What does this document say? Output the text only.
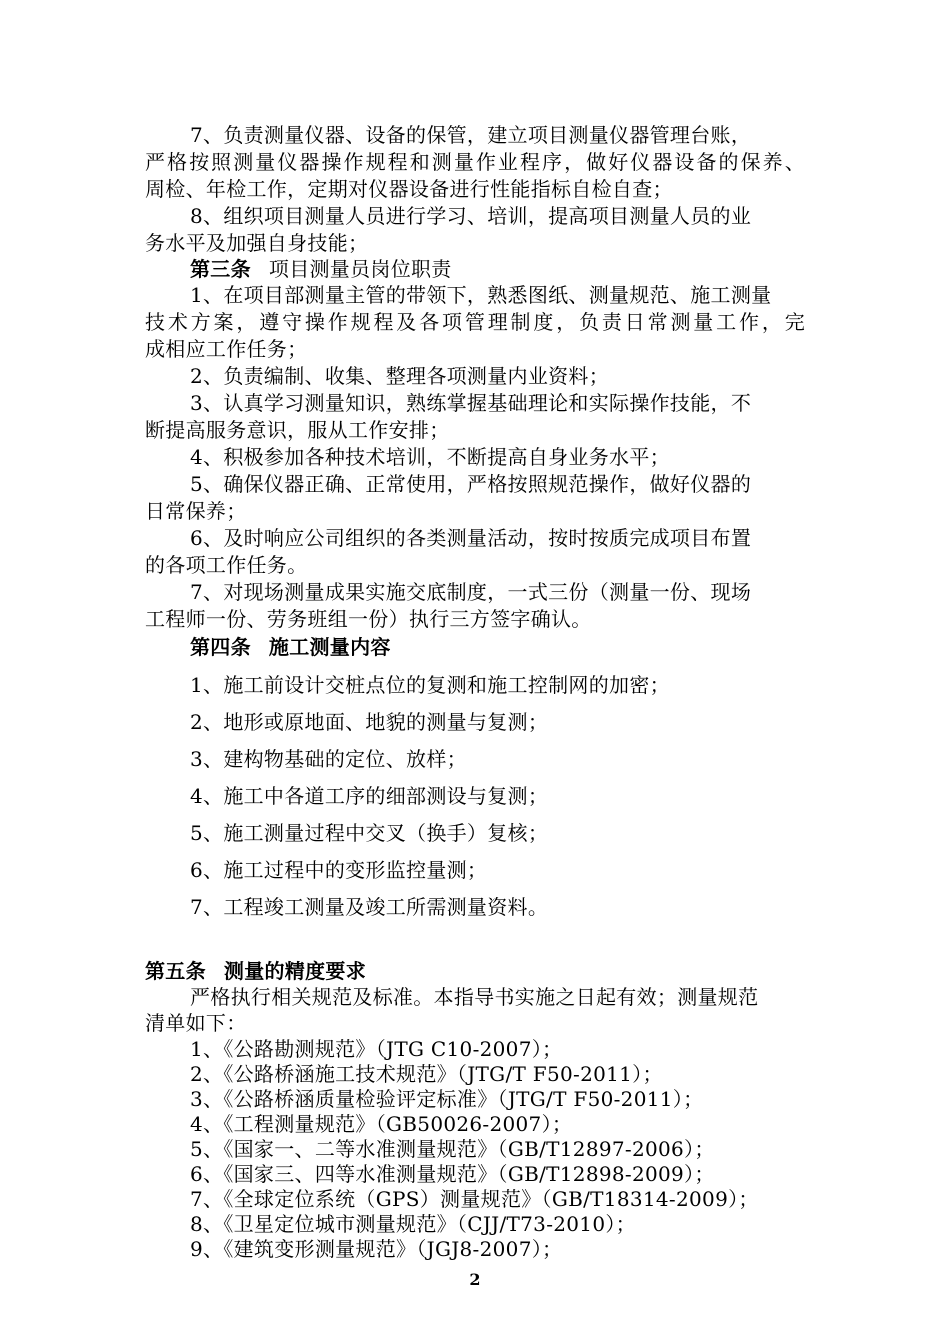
7、负责测量仪器、设备的保管，建立项目测量仪器管理台账，
严格按照测量仪器操作规程和测量作业程序，做好仪器设备的保养、
周检、年检工作，定期对仪器设备进行性能指标自检自查；
8、组织项目测量人员进行学习、培训，提高项目测量人员的业
务水平及加强自身技能；
第三条 项目测量员岗位职责
1、在项目部测量主管的带领下，熟悉图纸、测量规范、施工测量
技术方案，遵守操作规程及各项管理制度，负责日常测量工作，完
成相应工作任务；
2、负责编制、收集、整理各项测量内业资料；
3、认真学习测量知识，熟练掌握基础理论和实际操作技能，不
断提高服务意识，服从工作安排；
4、积极参加各种技术培训，不断提高自身业务水平；
5、确保仪器正确、正常使用，严格按照规范操作，做好仪器的
日常保养；
6、及时响应公司组织的各类测量活动，按时按质完成项目布置
的各项工作任务。
7、对现场测量成果实施交底制度，一式三份（测量一份、现场
工程师一份、劳务班组一份）执行三方签字确认。
第四条 施工测量内容
1、施工前设计交桩点位的复测和施工控制网的加密；
2、地形或原地面、地貌的测量与复测；
3、建构物基础的定位、放样；
4、施工中各道工序的细部测设与复测；
5、施工测量过程中交叉（换手）复核；
6、施工过程中的变形监控量测；
7、工程竣工测量及竣工所需测量资料。
第五条 测量的精度要求
严格执行相关规范及标准。本指导书实施之日起有效；测量规范
清单如下：
1、《公路勘测规范》（JTG C10-2007）；
2、《公路桥涵施工技术规范》（JTG/T F50-2011）；
3、《公路桥涵质量检验评定标准》（JTG/T F50-2011）；
4、《工程测量规范》（GB50026-2007）；
5、《国家一、二等水准测量规范》（GB/T12897-2006）；
6、《国家三、四等水准测量规范》（GB/T12898-2009）；
7、《全球定位系统（GPS）测量规范》（GB/T18314-2009）；
8、《卫星定位城市测量规范》（CJJ/T73-2010）；
9、《建筑变形测量规范》（JGJ8-2007）；
2
